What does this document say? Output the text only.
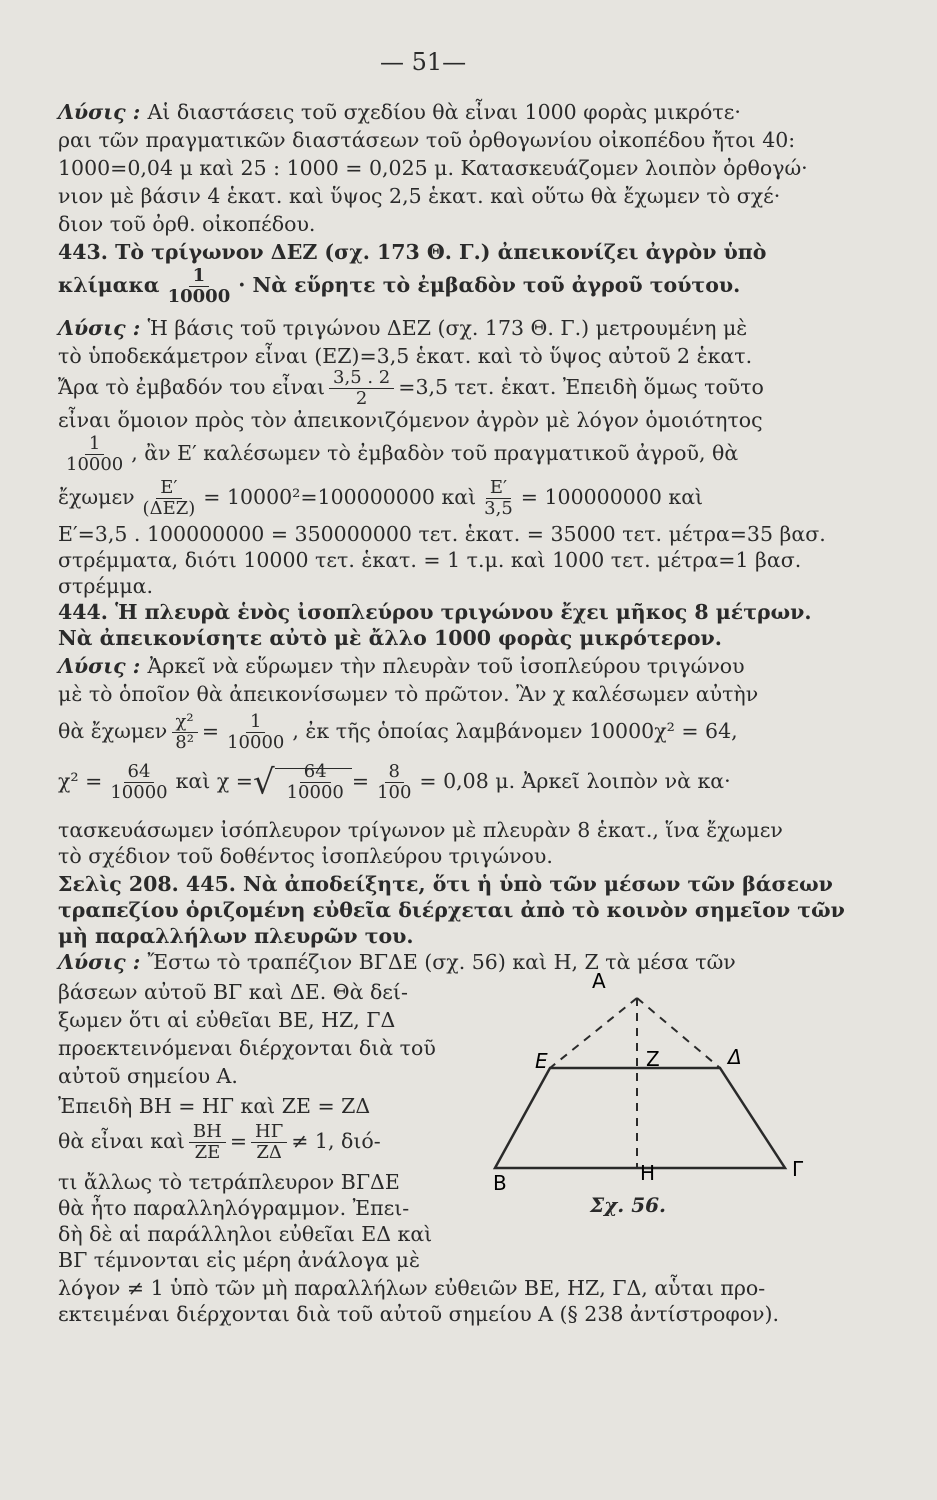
— 51—
Λύσις : Αἱ διαστάσεις τοῦ σχεδίου θὰ εἶναι 1000 φορὰς μικρότε·
ραι τῶν πραγματικῶν διαστάσεων τοῦ ὀρθογωνίου οἰκοπέδου ἤτοι 40:
1000=0,04 μ καὶ 25 : 1000 = 0,025 μ. Κατασκευάζομεν λοιπὸν ὀρθογώ·
νιον μὲ βάσιν 4 ἑκατ. καὶ ὕψος 2,5 ἑκατ. καὶ οὕτω θὰ ἔχωμεν τὸ σχέ·
διον τοῦ ὀρθ. οἰκοπέδου.
443. Τὸ τρίγωνον ΔΕΖ (σχ. 173 Θ. Γ.) ἀπεικονίζει ἀγρὸν ὑπὸ
κλίμακα $\frac{1}{10000}$ · Νὰ εὕρητε τὸ ἐμβαδὸν τοῦ ἀγροῦ τούτου.
Λύσις : Ἡ βάσις τοῦ τριγώνου ΔΕΖ (σχ. 173 Θ. Γ.) μετρουμένη μὲ
τὸ ὑποδεκάμετρον εἶναι (ΕΖ)=3,5 ἑκατ. καὶ τὸ ὕψος αὐτοῦ 2 ἑκατ.
Ἄρα τὸ ἐμβαδόν του εἶναι $\frac{3,5 . 2}{2} =3,5$ τετ. ἑκατ. Ἐπειδὴ ὅμως τοῦτο
εἶναι ὅμοιον πρὸς τὸν ἀπεικονιζόμενον ἀγρὸν μὲ λόγον ὁμοιότητος
$\frac{1}{10000}$ , ἂν Ε′ καλέσωμεν τὸ ἐμβαδὸν τοῦ πραγματικοῦ ἀγροῦ, θὰ
ἔχωμεν $\frac{E'}{\text{(ΔΕΖ)}} = 10000^2=100000000$ καὶ $\frac{E'}{3,5} = 100000000$ καὶ
Ε′=3,5 . 100000000 = 350000000 τετ. ἑκατ. = 35000 τετ. μέτρα=35 βασ.
στρέμματα, διότι 10000 τετ. ἑκατ. = 1 τ.μ. καὶ 1000 τετ. μέτρα=1 βασ.
στρέμμα.
444. Ἡ πλευρὰ ἑνὸς ἰσοπλεύρου τριγώνου ἔχει μῆκος 8 μέτρων.
Νὰ ἀπεικονίσητε αὐτὸ μὲ ἄλλο 1000 φορὰς μικρότερον.
Λύσις : Ἀρκεῖ νὰ εὕρωμεν τὴν πλευρὰν τοῦ ἰσοπλεύρου τριγώνου
μὲ τὸ ὁποῖον θὰ ἀπεικονίσωμεν τὸ πρῶτον. Ἂν χ καλέσωμεν αὐτὴν
θὰ ἔχωμεν $\frac{\text{χ²}}{\text{8²}} = \frac{1}{10000}$ , ἐκ τῆς ὁποίας λαμβάνομεν 10000χ² = 64,
$\chi^2 = \frac{64}{10000}$ καὶ χ =√ $\frac{64}{10000} = \frac{8}{100} = 0,08$ μ. Ἀρκεῖ λοιπὸν νὰ κα·
τασκευάσωμεν ἰσόπλευρον τρίγωνον μὲ πλευρὰν 8 ἑκατ., ἵνα ἔχωμεν
τὸ σχέδιον τοῦ δοθέντος ἰσοπλεύρου τριγώνου.
Σελὶς 208. 445. Νὰ ἀποδείξητε, ὅτι ἡ ὑπὸ τῶν μέσων τῶν βάσεων
τραπεζίου ὁριζομένη εὐθεῖα διέρχεται ἀπὸ τὸ κοινὸν σημεῖον τῶν
μὴ παραλλήλων πλευρῶν του.
Λύσις : Ἔστω τὸ τραπέζιον ΒΓΔΕ (σχ. 56) καὶ Η, Ζ τὰ μέσα τῶν
βάσεων αὐτοῦ ΒΓ καὶ ΔΕ. Θὰ δεί-
ξωμεν ὅτι αἱ εὐθεῖαι ΒΕ, ΗΖ, ΓΔ
προεκτεινόμεναι διέρχονται διὰ τοῦ
αὐτοῦ σημείου Α.
Ἐπειδὴ ΒΗ = ΗΓ καὶ ΖΕ = ΖΔ
θὰ εἶναι καὶ $\frac{BH}{ZE} = \frac{H\Gamma}{Z\Delta} \ne 1$, διό-
τι ἄλλως τὸ τετράπλευρον ΒΓΔΕ
θὰ ἦτο παραλληλόγραμμον. Ἐπει-
δὴ δὲ αἱ παράλληλοι εὐθεῖαι ΕΔ καὶ
ΒΓ τέμνονται εἰς μέρη ἀνάλογα μὲ
λόγον ≠ 1 ὑπὸ τῶν μὴ παραλλήλων εὐθειῶν ΒΕ, ΗΖ, ΓΔ, αὗται προ-
εκτειμέναι διέρχονται διὰ τοῦ αὐτοῦ σημείου Α (§ 238 ἀντίστροφον).
A
E	Z	Δ
B	H	Γ
Σχ. 56.
